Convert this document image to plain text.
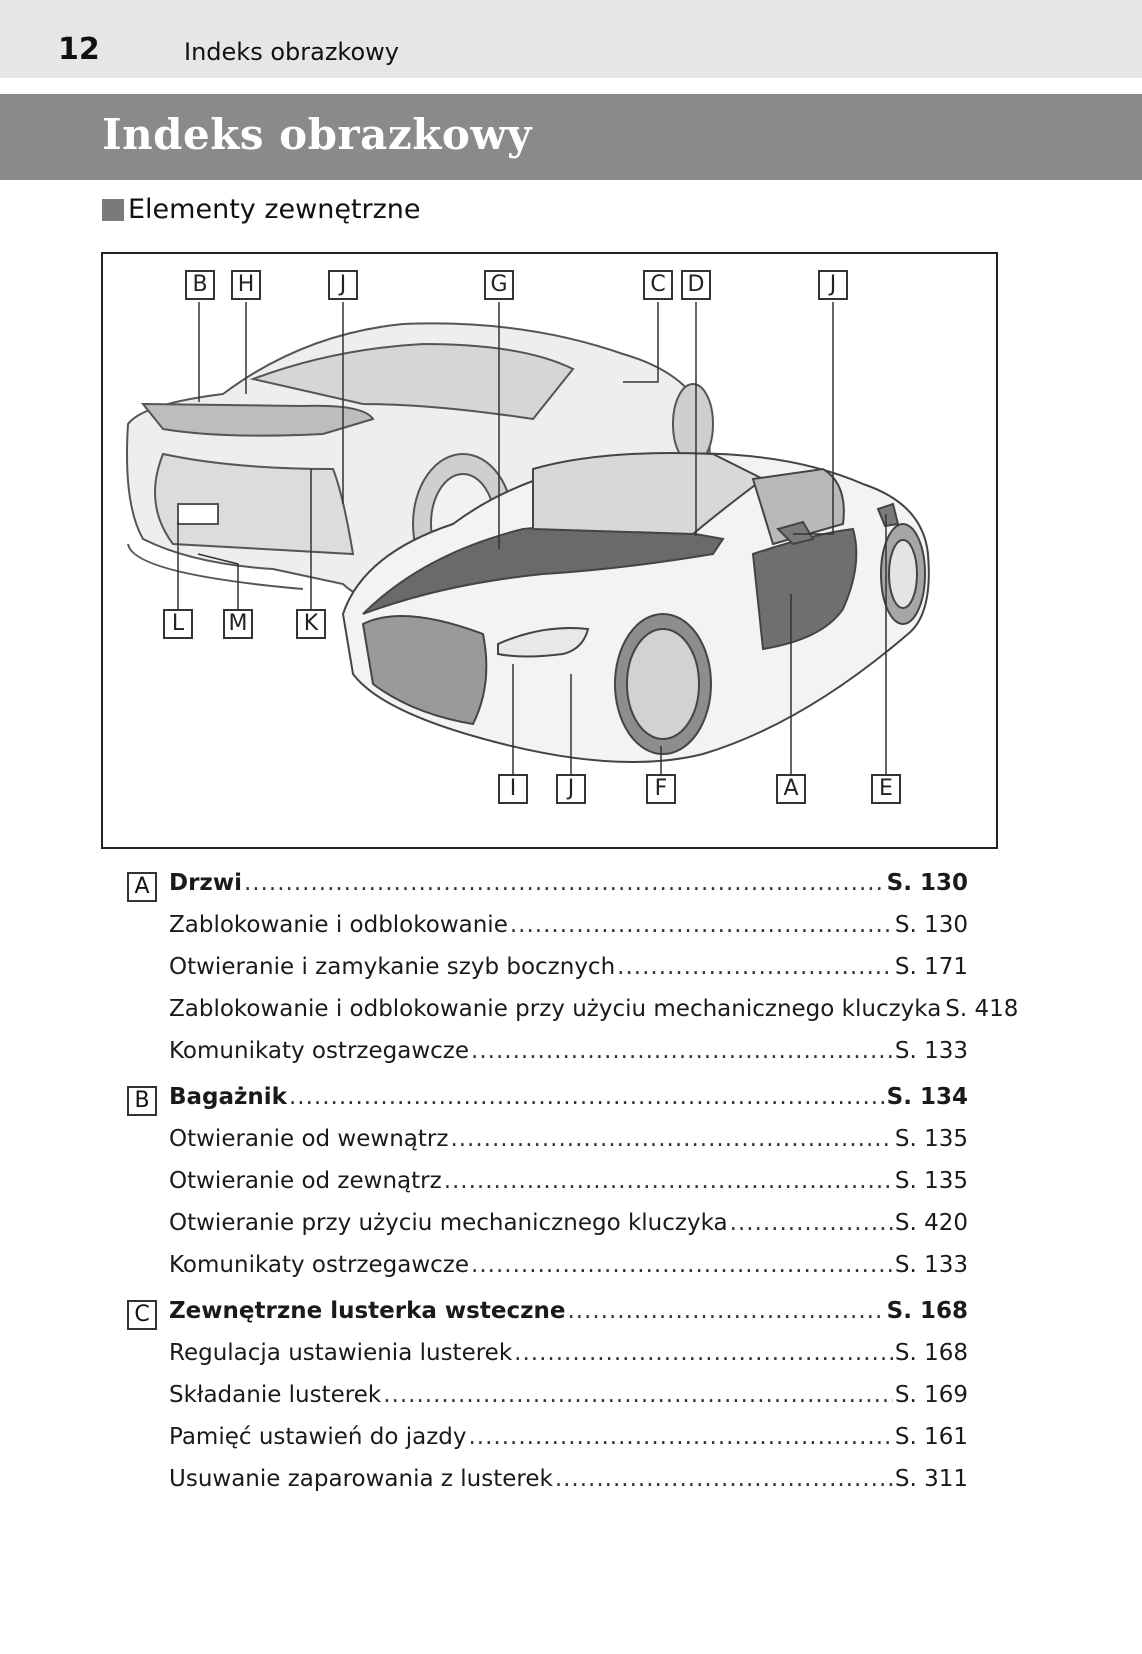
12	Indeks obrazkowy
Indeks obrazkowy
Elementy zewnętrzne
B	H	J	G	C D	J
L	M	K
I	J	F	A	E
A Drzwi .....	S. 130
Zablokowanie i odblokowanie .....	S. 130
Otwieranie i zamykanie szyb bocznych .....	S. 171
Zablokowanie i odblokowanie przy użyciu mechanicznego kluczyka S. 418
Komunikaty ostrzegawcze .....	S. 133
B Bagażnik .....	S. 134
Otwieranie od wewnątrz .....	S. 135
Otwieranie od zewnątrz .....	S. 135
Otwieranie przy użyciu mechanicznego kluczyka .....	S. 420
Komunikaty ostrzegawcze .....	S. 133
C Zewnętrzne lusterka wsteczne .....	S. 168
Regulacja ustawienia lusterek .....	S. 168
Składanie lusterek .....	S. 169
Pamięć ustawień do jazdy .....	S. 161
Usuwanie zaparowania z lusterek .....	S. 311
